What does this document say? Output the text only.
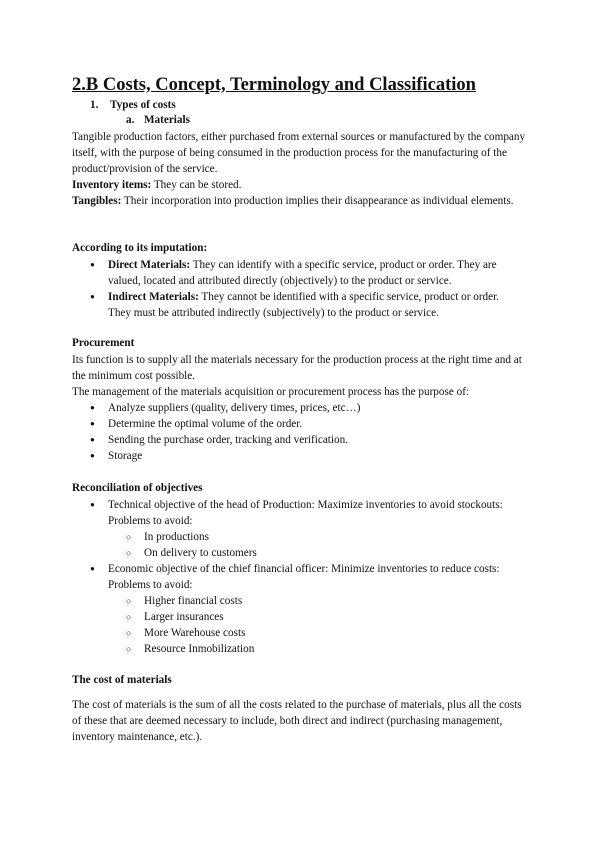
2.B Costs, Concept, Terminology and Classification

1. Types of costs

a. Materials

Tangible production factors, either purchased from external sources or manufactured by the company itself, with the purpose of being consumed in the production process for the manufacturing of the product/provision of the service.

Inventory items: They can be stored.

Tangibles: Their incorporation into production implies their disappearance as individual elements.

According to its imputation:

● Direct Materials: They can identify with a specific service, product or order. They are valued, located and attributed directly (objectively) to the product or service.
● Indirect Materials: They cannot be identified with a specific service, product or order. They must be attributed indirectly (subjectively) to the product or service.

Procurement

Its function is to supply all the materials necessary for the production process at the right time and at the minimum cost possible.

The management of the materials acquisition or procurement process has the purpose of:

● Analyze suppliers (quality, delivery times, prices, etc…)
● Determine the optimal volume of the order.
● Sending the purchase order, tracking and verification.
● Storage

Reconciliation of objectives

● Technical objective of the head of Production: Maximize inventories to avoid stockouts: Problems to avoid:
○ In productions
○ On delivery to customers
● Economic objective of the chief financial officer: Minimize inventories to reduce costs: Problems to avoid:
○ Higher financial costs
○ Larger insurances
○ More Warehouse costs
○ Resource Inmobilization

The cost of materials

The cost of materials is the sum of all the costs related to the purchase of materials, plus all the costs of these that are deemed necessary to include, both direct and indirect (purchasing management, inventory maintenance, etc.).
